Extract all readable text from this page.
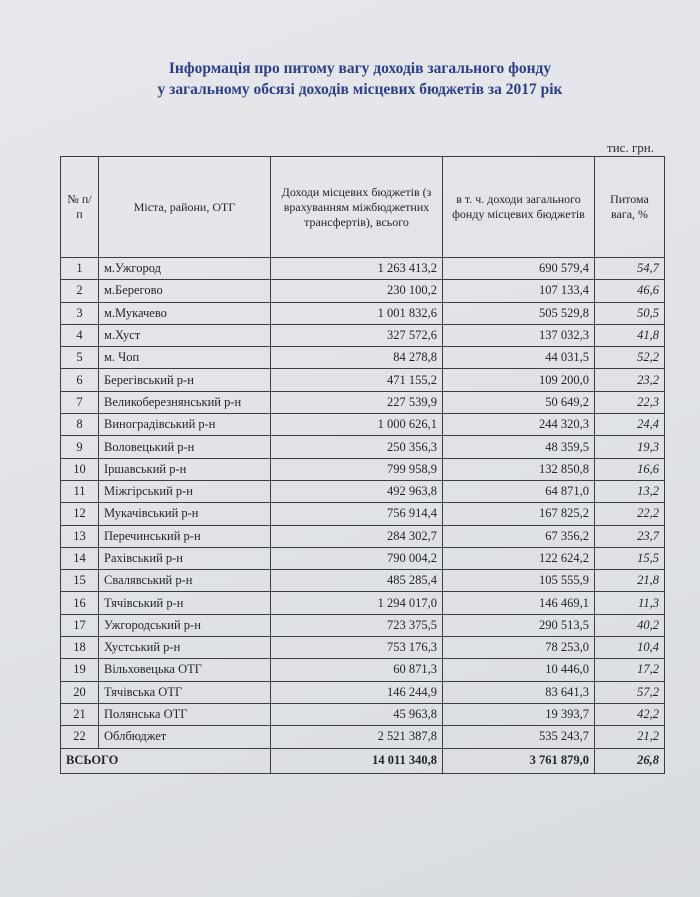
Інформація про питому вагу доходів загального фонду
у загальному обсязі доходів місцевих бюджетів за 2017 рік
тис. грн.
№ п/п	Міста, райони, ОТГ	Доходи місцевих бюджетів (з врахуванням міжбюджетних трансфертів), всього	в т. ч. доходи загального фонду місцевих бюджетів	Питома вага, %
1	м.Ужгород	1 263 413,2	690 579,4	54,7
2	м.Берегово	230 100,2	107 133,4	46,6
3	м.Мукачево	1 001 832,6	505 529,8	50,5
4	м.Хуст	327 572,6	137 032,3	41,8
5	м. Чоп	84 278,8	44 031,5	52,2
6	Берегівський р-н	471 155,2	109 200,0	23,2
7	Великоберезнянський р-н	227 539,9	50 649,2	22,3
8	Виноградівський р-н	1 000 626,1	244 320,3	24,4
9	Воловецький р-н	250 356,3	48 359,5	19,3
10	Іршавський р-н	799 958,9	132 850,8	16,6
11	Міжгірський р-н	492 963,8	64 871,0	13,2
12	Мукачівський р-н	756 914,4	167 825,2	22,2
13	Перечинський р-н	284 302,7	67 356,2	23,7
14	Рахівський р-н	790 004,2	122 624,2	15,5
15	Свалявський р-н	485 285,4	105 555,9	21,8
16	Тячівський р-н	1 294 017,0	146 469,1	11,3
17	Ужгородський р-н	723 375,5	290 513,5	40,2
18	Хустський р-н	753 176,3	78 253,0	10,4
19	Вільховецька ОТГ	60 871,3	10 446,0	17,2
20	Тячівська ОТГ	146 244,9	83 641,3	57,2
21	Полянська ОТГ	45 963,8	19 393,7	42,2
22	Облбюджет	2 521 387,8	535 243,7	21,2
ВСЬОГО		14 011 340,8	3 761 879,0	26,8
